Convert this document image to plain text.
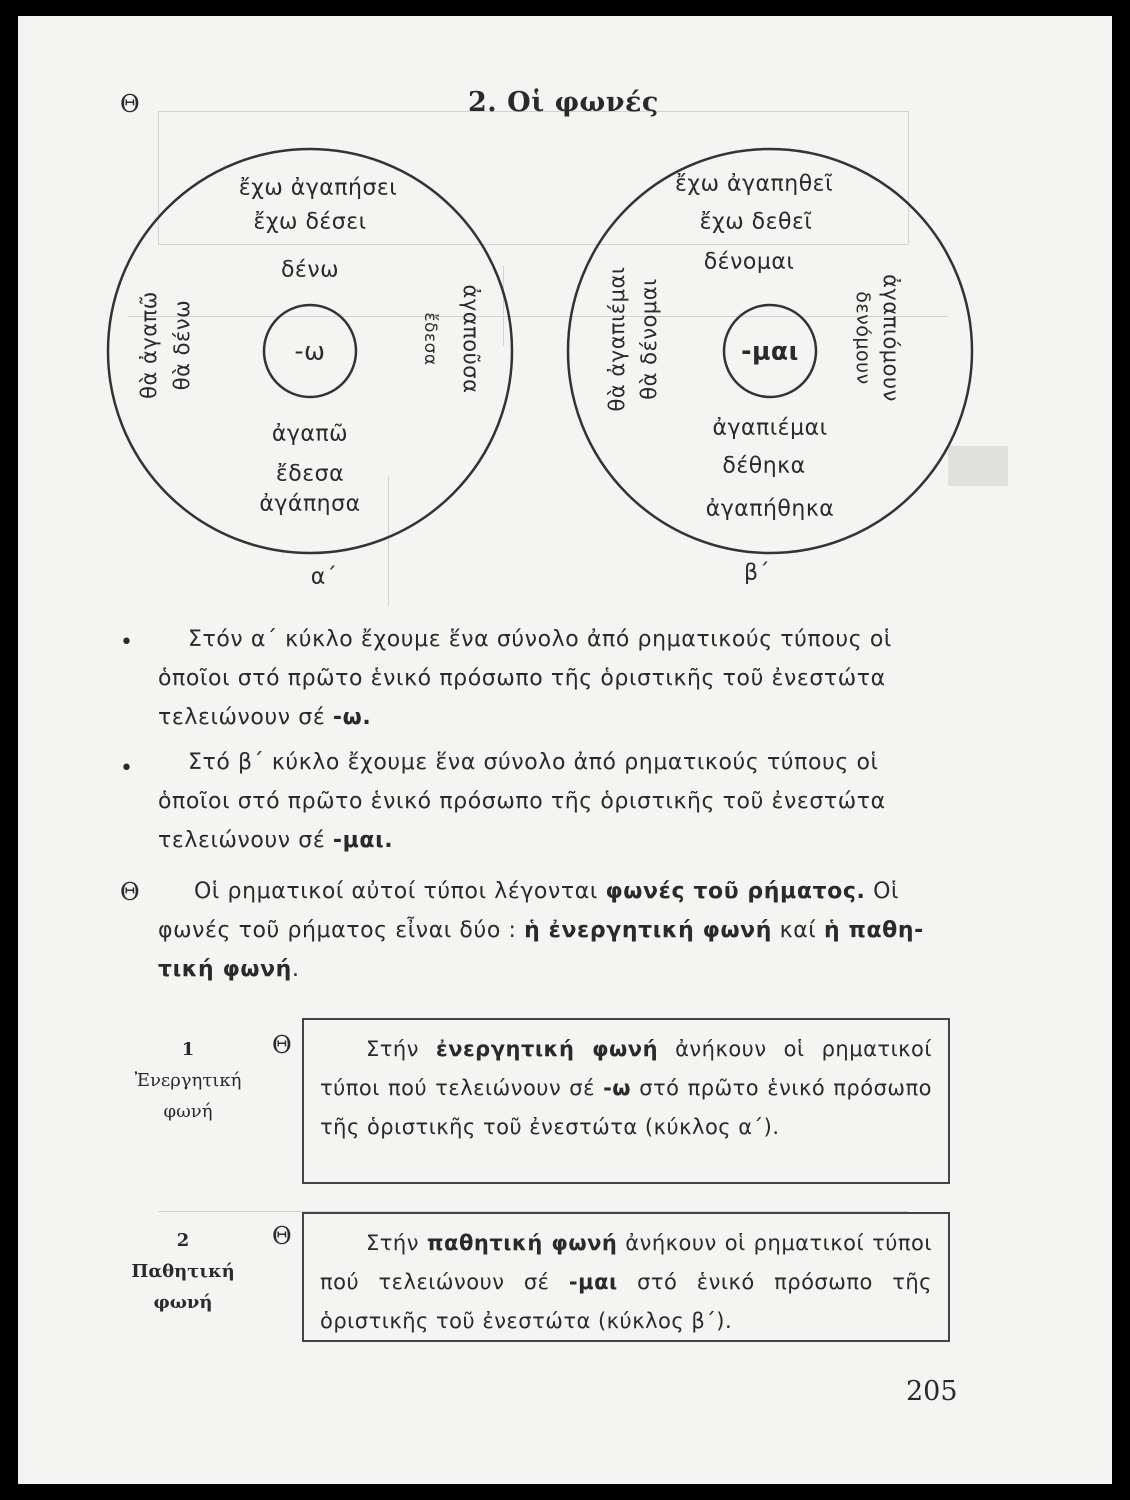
Θ	2. Οἱ φωνές
-ω
ἔχω ἀγαπήσει
ἔχω δέσει
δένω
ἀγαπῶ
ἔδεσα
ἀγάπησα
θὰ ἀγαπῶ θὰ δένω	ἀγαποῦσα
ἔδεσα
α΄
-μαι
ἔχω ἀγαπηθεῖ
ἔχω δεθεῖ
δένομαι
ἀγαπιέμαι
δέθηκα
ἀγαπήθηκα
θὰ ἀγαπιέμαι θὰ δένομαι	ἀγαπιόμουν
δενόμουν
β΄
•	Στόν α΄ κύκλο ἔχουμε ἕνα σύνολο ἀπό ρηματικούς τύπους οἱ
ὁποῖοι στό πρῶτο ἑνικό πρόσωπο τῆς ὁριστικῆς τοῦ ἐνεστώτα
τελειώνουν σέ -ω.
•	Στό β΄ κύκλο ἔχουμε ἕνα σύνολο ἀπό ρηματικούς τύπους οἱ
ὁποῖοι στό πρῶτο ἑνικό πρόσωπο τῆς ὁριστικῆς τοῦ ἐνεστώτα
τελειώνουν σέ -μαι.
Θ	Οἱ ρηματικοί αὐτοί τύποι λέγονται φωνές τοῦ ρήματος. Οἱ
φωνές τοῦ ρήματος εἶναι δύο : ἡ ἐνεργητική φωνή καί ἡ παθη-
τική φωνή.
1
Ἐνεργητική
φωνή
Θ	Στήν ἐνεργητική φωνή ἀνήκουν οἱ ρηματικοί τύποι πού τελειώνουν σέ -ω στό πρῶτο ἑνικό πρόσωπο τῆς ὁριστικῆς τοῦ ἐνεστώτα (κύκλος α΄).
2
Παθητική
φωνή
Θ	Στήν παθητική φωνή ἀνήκουν οἱ ρηματικοί τύποι πού τελειώνουν σέ -μαι στό ἑνικό πρόσωπο τῆς ὁριστικῆς τοῦ ἐνεστώτα (κύκλος β΄).
205
